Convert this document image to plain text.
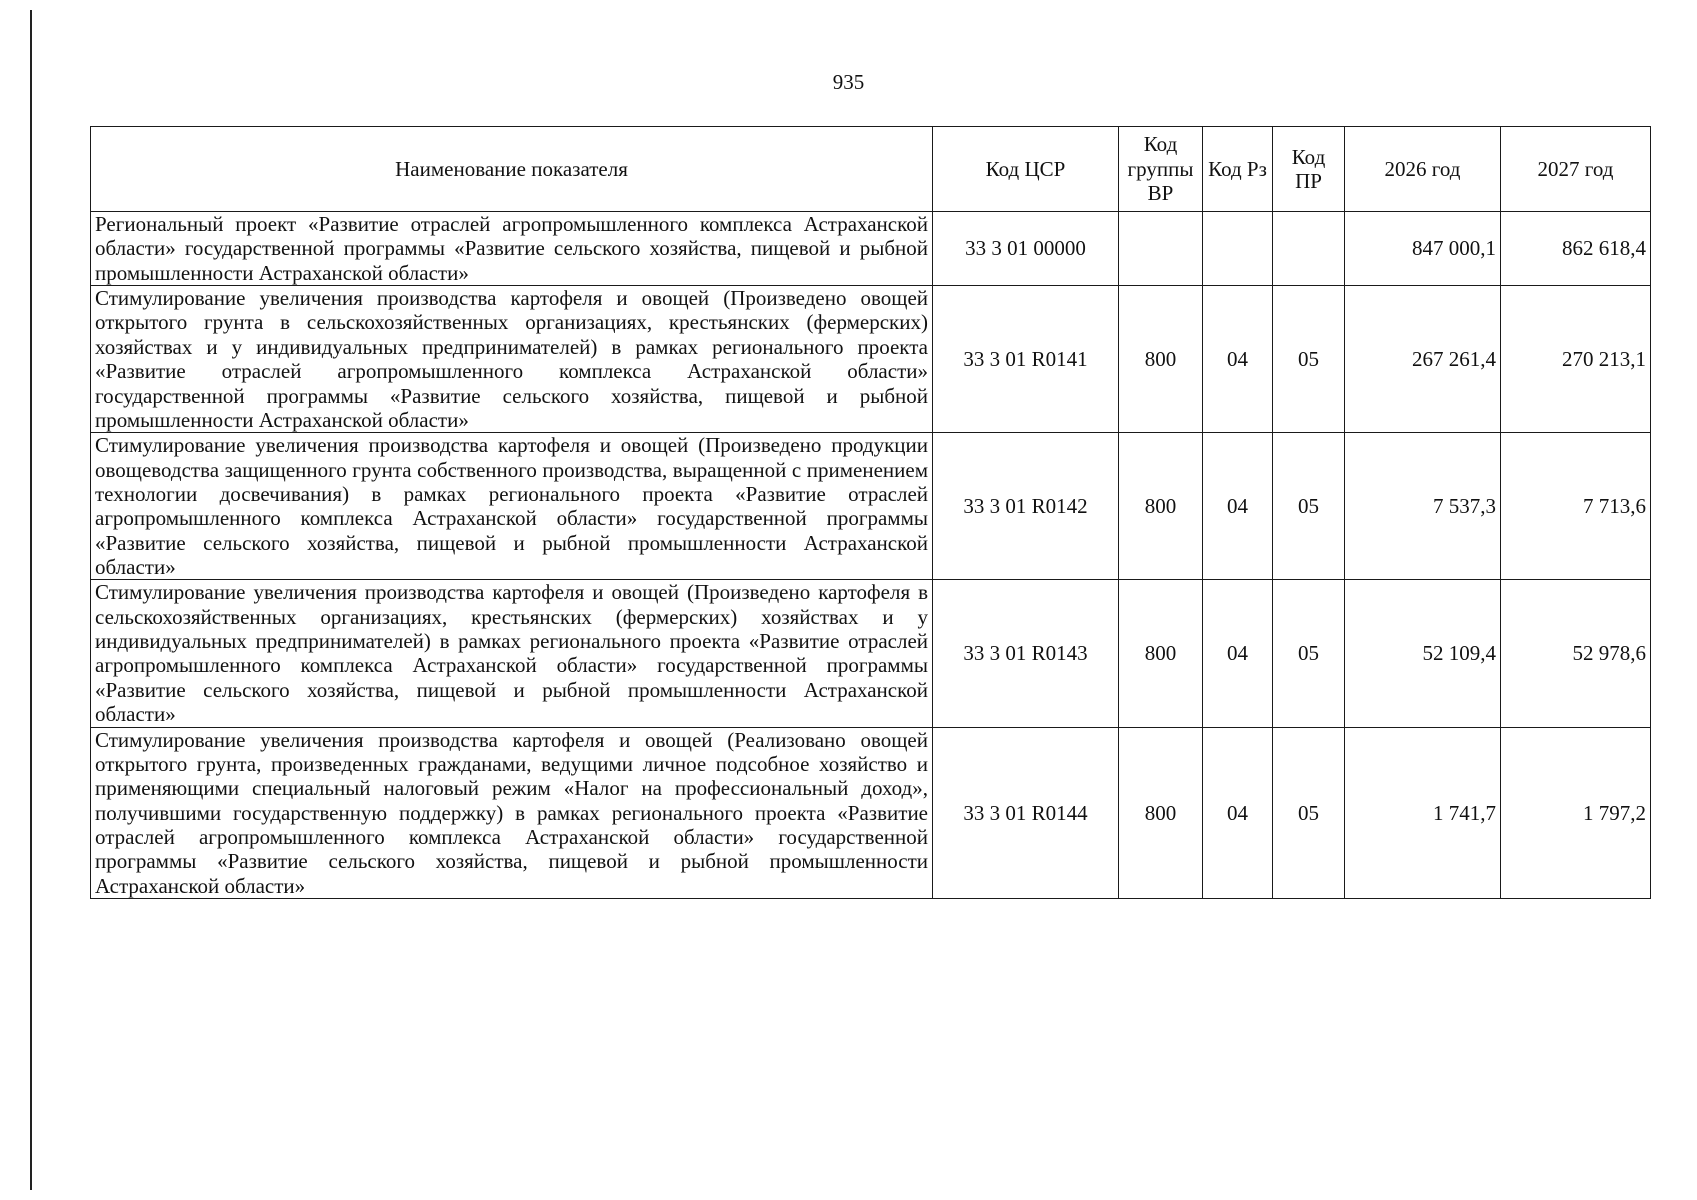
935
Наименование показателя	Код ЦСР	Код группы ВР	Код Рз	Код ПР	2026 год	2027 год
Региональный проект «Развитие отраслей агропромышленного комплекса Астраханской области» государственной программы «Развитие сельского хозяйства, пищевой и рыбной промышленности Астраханской области»	33 3 01 00000				847 000,1	862 618,4
Стимулирование увеличения производства картофеля и овощей (Произведено овощей открытого грунта в сельскохозяйственных организациях, крестьянских (фермерских) хозяйствах и у индивидуальных предпринимателей) в рамках регионального проекта «Развитие отраслей агропромышленного комплекса Астраханской области» государственной программы «Развитие сельского хозяйства, пищевой и рыбной промышленности Астраханской области»	33 3 01 R0141	800	04	05	267 261,4	270 213,1
Стимулирование увеличения производства картофеля и овощей (Произведено продукции овощеводства защищенного грунта собственного производства, выращенной с применением технологии досвечивания) в рамках регионального проекта «Развитие отраслей агропромышленного комплекса Астраханской области» государственной программы «Развитие сельского хозяйства, пищевой и рыбной промышленности Астраханской области»	33 3 01 R0142	800	04	05	7 537,3	7 713,6
Стимулирование увеличения производства картофеля и овощей (Произведено картофеля в сельскохозяйственных организациях, крестьянских (фермерских) хозяйствах и у индивидуальных предпринимателей) в рамках регионального проекта «Развитие отраслей агропромышленного комплекса Астраханской области» государственной программы «Развитие сельского хозяйства, пищевой и рыбной промышленности Астраханской области»	33 3 01 R0143	800	04	05	52 109,4	52 978,6
Стимулирование увеличения производства картофеля и овощей (Реализовано овощей открытого грунта, произведенных гражданами, ведущими личное подсобное хозяйство и применяющими специальный налоговый режим «Налог на профессиональный доход», получившими государственную поддержку) в рамках регионального проекта «Развитие отраслей агропромышленного комплекса Астраханской области» государственной программы «Развитие сельского хозяйства, пищевой и рыбной промышленности Астраханской области»	33 3 01 R0144	800	04	05	1 741,7	1 797,2
